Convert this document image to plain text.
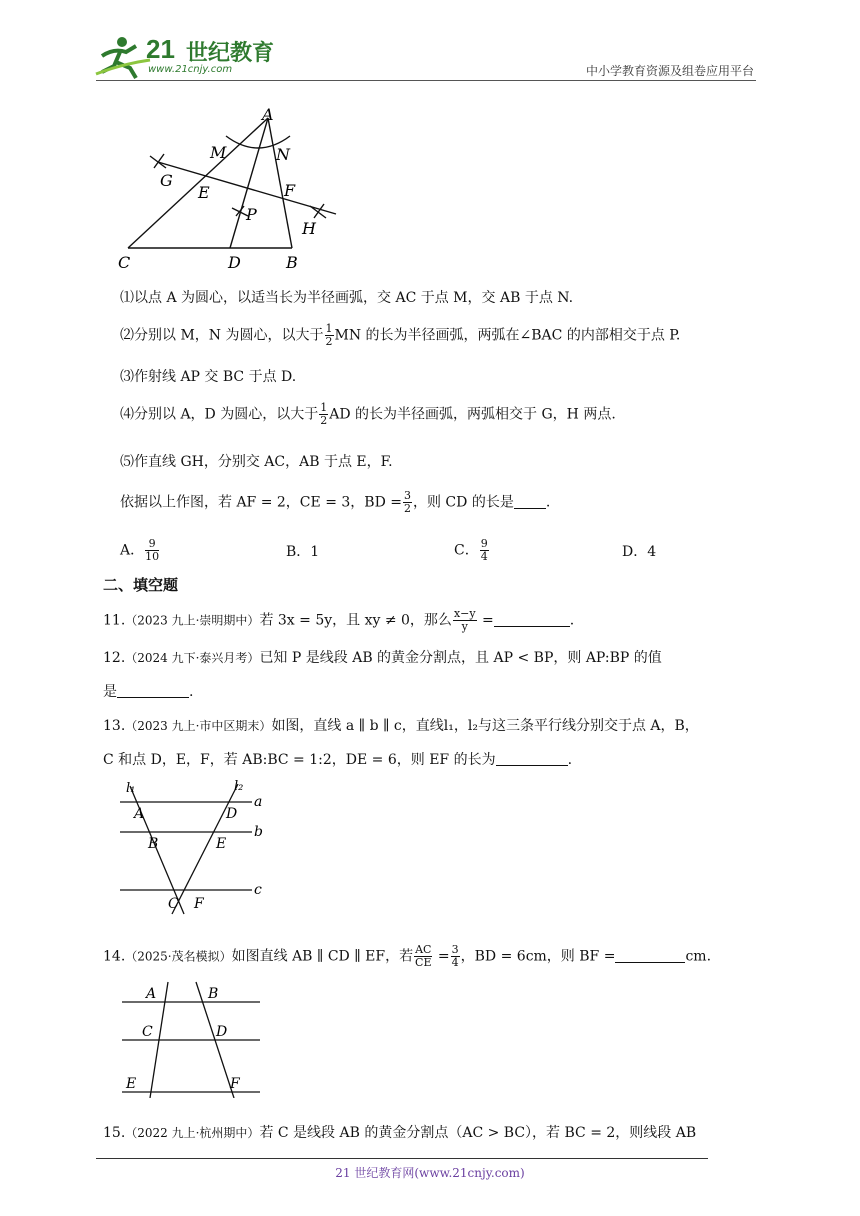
21 世纪教育
www.21cnjy.com	中小学教育资源及组卷应用平台
A
M	N
G
E	F
P
H
C	D	B
⑴以点 A 为圆心，以适当长为半径画弧，交 AC 于点 M，交 AB 于点 N.
⑵分别以 M，N 为圆心，以大于 $\frac{1}{2}$ MN 的长为半径画弧，两弧在∠BAC 的内部相交于点 P.
⑶作射线 AP 交 BC 于点 D.
⑷分别以 A，D 为圆心，以大于 $\frac{1}{2}$ AD 的长为半径画弧，两弧相交于 G，H 两点.
⑸作直线 GH，分别交 AC，AB 于点 E，F.
依据以上作图，若 AF = 2，CE = 3，BD = $\frac{3}{2}$ ，则 CD 的长是 .
A． $\frac{9}{10}$	B．1	C． $\frac{9}{4}$	D．4
二、填空题
11.（2023 九上·崇明期中）若 3x = 5y，且 xy ≠ 0，那么 $\frac{x-y}{y}$ =	.
12.（2024 九下·泰兴月考）已知 P 是线段 AB 的黄金分割点，且 AP < BP，则 AP:BP 的值
是	.
13.（2023 九上·市中区期末）如图，直线 a ∥ b ∥ c，直线l₁，l₂与这三条平行线分别交于点 A，B，
C 和点 D，E，F，若 AB:BC = 1:2，DE = 6，则 EF 的长为	.
l₁	l₂
a
b
c
A	D
B	E
C F
14.（2025·茂名模拟）如图直线 AB ∥ CD ∥ EF，若 $\frac{AC}{CE} = \frac{3}{4}$ ，BD = 6cm，则 BF =	cm.
A	B
C	D
E	F
15.（2022 九上·杭州期中）若 C 是线段 AB 的黄金分割点（AC > BC），若 BC = 2，则线段 AB
21 世纪教育网(www.21cnjy.com)
